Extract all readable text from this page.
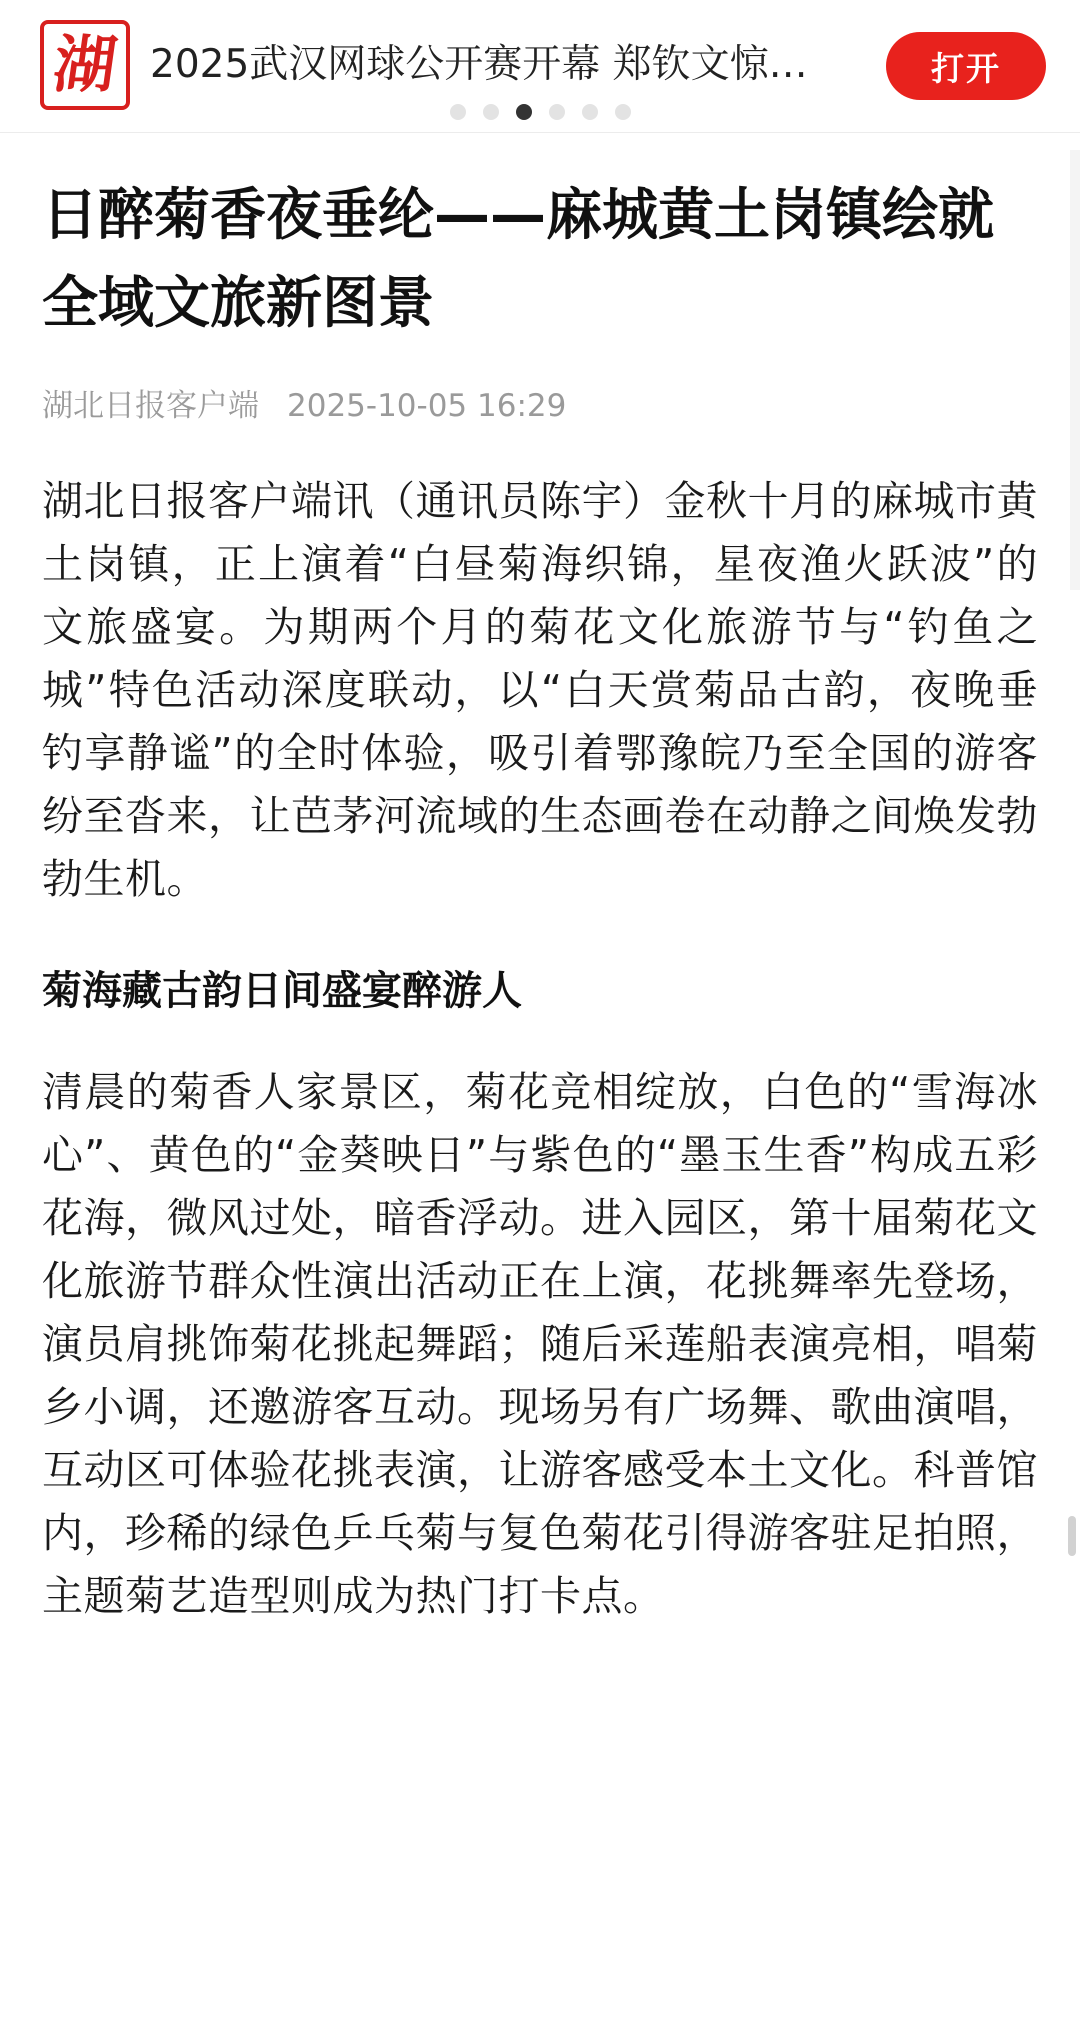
湖 2025武汉网球公开赛开幕 郑钦文惊…	打开
日醉菊香夜垂纶——麻城黄土岗镇绘就全域文旅新图景
湖北日报客户端 2025-10-05 16:29

湖北日报客户端讯（通讯员陈宇）金秋十月的麻城市黄土岗镇，正上演着“白昼菊海织锦，星夜渔火跃波”的文旅盛宴。为期两个月的菊花文化旅游节与“钓鱼之城”特色活动深度联动，以“白天赏菊品古韵，夜晚垂钓享静谧”的全时体验，吸引着鄂豫皖乃至全国的游客纷至沓来，让芭茅河流域的生态画卷在动静之间焕发勃勃生机。

菊海藏古韵日间盛宴醉游人

清晨的菊香人家景区，菊花竞相绽放，白色的“雪海冰心”、黄色的“金葵映日”与紫色的“墨玉生香”构成五彩花海，微风过处，暗香浮动。进入园区，第十届菊花文化旅游节群众性演出活动正在上演，花挑舞率先登场，演员肩挑饰菊花挑起舞蹈；随后采莲船表演亮相，唱菊乡小调，还邀游客互动。现场另有广场舞、歌曲演唱，互动区可体验花挑表演，让游客感受本土文化。科普馆内，珍稀的绿色乒乓菊与复色菊花引得游客驻足拍照，主题菊艺造型则成为热门打卡点。
